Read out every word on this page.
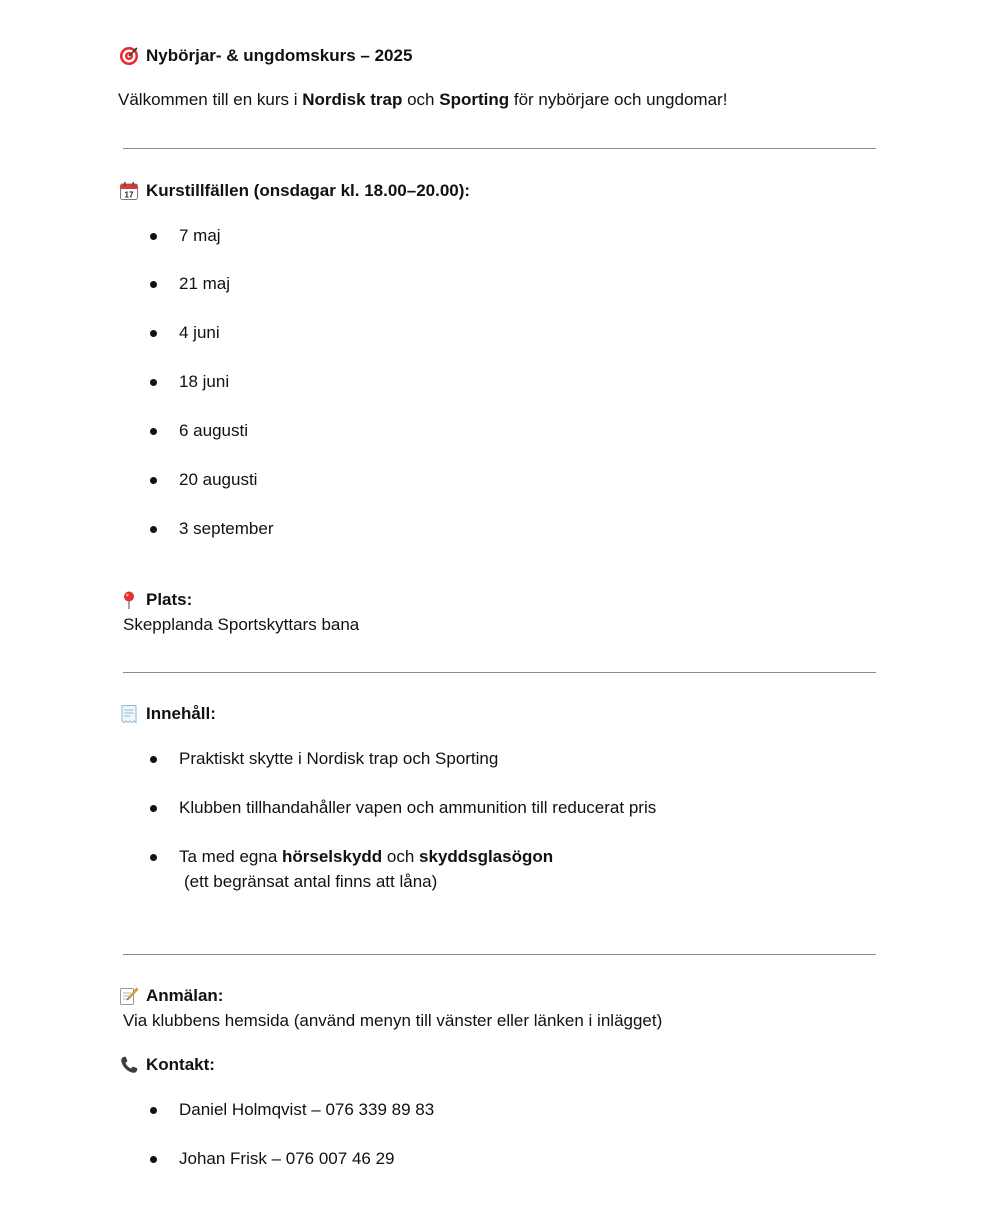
Nybörjar- & ungdomskurs – 2025
Välkommen till en kurs i Nordisk trap och Sporting för nybörjare och ungdomar!
17 Kurstillfällen (onsdagar kl. 18.00–20.00):
7 maj
21 maj
4 juni
18 juni
6 augusti
20 augusti
3 september
Plats:
Skepplanda Sportskyttars bana
Innehåll:
Praktiskt skytte i Nordisk trap och Sporting
Klubben tillhandahåller vapen och ammunition till reducerat pris
Ta med egna hörselskydd och skyddsglasögon
(ett begränsat antal finns att låna)
Anmälan:
Via klubbens hemsida (använd menyn till vänster eller länken i inlägget)
Kontakt:
Daniel Holmqvist – 076 339 89 83
Johan Frisk – 076 007 46 29
